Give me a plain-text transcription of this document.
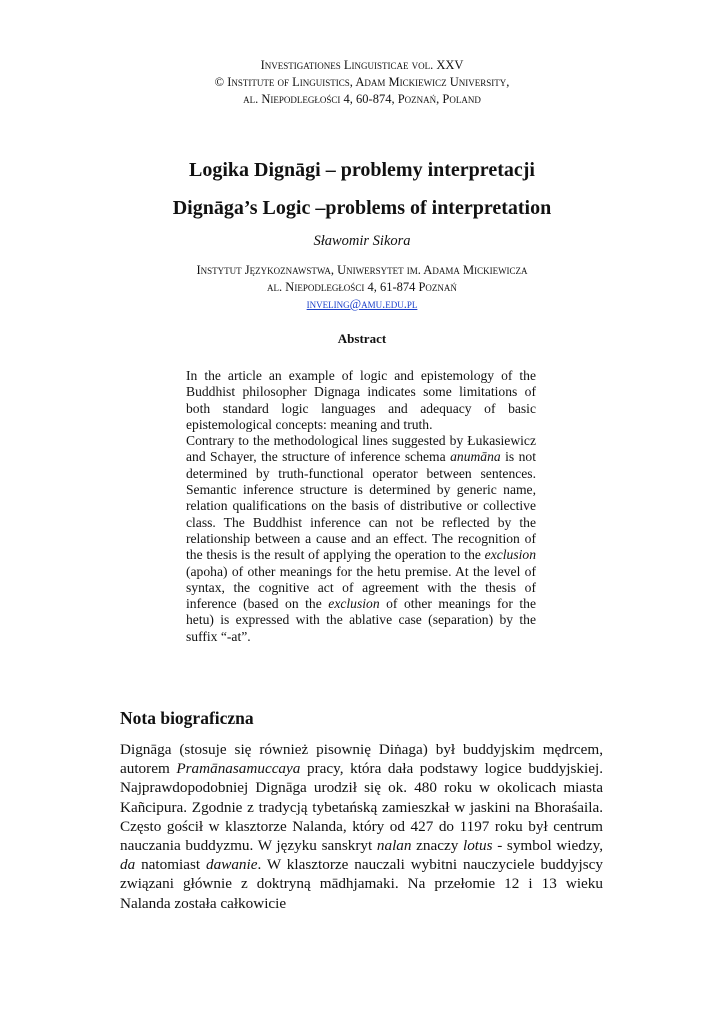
Investigationes Linguisticae vol. XXV
© Institute of Linguistics, Adam Mickiewicz University,
al. Niepodległości 4, 60-874, Poznań, Poland
Logika Dignāgi – problemy interpretacji
Dignāga’s Logic –problems of interpretation
Sławomir Sikora
Instytut Językoznawstwa, Uniwersytet im. Adama Mickiewicza
al. Niepodległości 4, 61-874 Poznań
inveling@amu.edu.pl
Abstract

In the article an example of logic and epistemology of the Buddhist philosopher Dignaga indicates some limitations of both standard logic languages and adequacy of basic epistemological concepts: meaning and truth.

Contrary to the methodological lines suggested by Łukasiewicz and Schayer, the structure of inference schema anumāna is not determined by truth-functional operator between sentences. Semantic inference structure is determined by generic name, relation qualifications on the basis of distributive or collective class. The Buddhist inference can not be reflected by the relationship between a cause and an effect. The recognition of the thesis is the result of applying the operation to the exclusion (apoha) of other meanings for the hetu premise. At the level of syntax, the cognitive act of agreement with the thesis of inference (based on the exclusion of other meanings for the hetu) is expressed with the ablative case (separation) by the suffix “-at”.

Nota biograficzna

Dignāga (stosuje się również pisownię Diṅaga) był buddyjskim mędrcem, autorem Pramānasamuccaya pracy, która dała podstawy logice buddyjskiej. Najprawdopodobniej Dignāga urodził się ok. 480 roku w okolicach miasta Kañcipura. Zgodnie z tradycją tybetańską zamieszkał w jaskini na Bhoraśaila. Często gościł w klasztorze Nalanda, który od 427 do 1197 roku był centrum nauczania buddyzmu. W języku sanskryt nalan znaczy lotus - symbol wiedzy, da natomiast dawanie. W klasztorze nauczali wybitni nauczyciele buddyjscy związani głównie z doktryną mādhjamaki. Na przełomie 12 i 13 wieku Nalanda została całkowicie
